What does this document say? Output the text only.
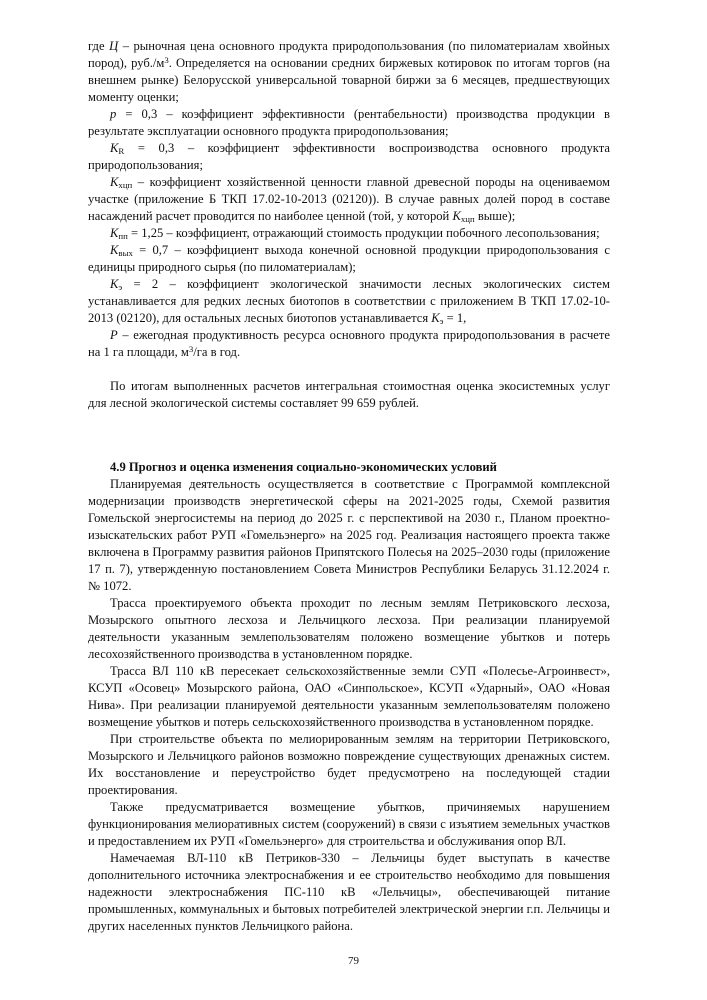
где Ц – рыночная цена основного продукта природопользования (по пиломатериалам хвойных пород), $руб./м^3$. Определяется на основании средних биржевых котировок по итогам торгов (на внешнем рынке) Белорусской универсальной товарной биржи за 6 месяцев, предшествующих моменту оценки;

р = 0,3 – коэффициент эффективности (рентабельности) производства продукции в результате эксплуатации основного продукта природопользования;

$K_R = 0,3$ – коэффициент эффективности воспроизводства основного продукта природопользования;

$K_{хцп}$ – коэффициент хозяйственной ценности главной древесной породы на оцениваемом участке (приложение Б ТКП 17.02-10-2013 (02120)). В случае равных долей пород в составе насаждений расчет проводится по наиболее ценной (той, у которой $K_{хцп}$ выше);

$K_{пп} = 1,25$ – коэффициент, отражающий стоимость продукции побочного лесопользования;

$K_{вых} = 0,7$ – коэффициент выхода конечной основной продукции природопользования с единицы природного сырья (по пиломатериалам);

$K_э = 2$ – коэффициент экологической значимости лесных экологических систем устанавливается для редких лесных биотопов в соответствии с приложением В ТКП 17.02-10-2013 (02120), для остальных лесных биотопов устанавливается $K_э = 1$,

P – ежегодная продуктивность ресурса основного продукта природопользования в расчете на 1 га площади, $м^3/га$ в год.

По итогам выполненных расчетов интегральная стоимостная оценка экосистемных услуг для лесной экологической системы составляет 99 659 рублей.

4.9 Прогноз и оценка изменения социально-экономических условий

Планируемая деятельность осуществляется в соответствие с Программой комплексной модернизации производств энергетической сферы на 2021-2025 годы, Схемой развития Гомельской энергосистемы на период до 2025 г. с перспективой на 2030 г., Планом проектно-изыскательских работ РУП «Гомельэнерго» на 2025 год. Реализация настоящего проекта также включена в Программу развития районов Припятского Полесья на 2025–2030 годы (приложение 17 п. 7), утвержденную постановлением Совета Министров Республики Беларусь 31.12.2024 г. № 1072.

Трасса проектируемого объекта проходит по лесным землям Петриковского лесхоза, Мозырского опытного лесхоза и Лельчицкого лесхоза. При реализации планируемой деятельности указанным землепользователям положено возмещение убытков и потерь лесохозяйственного производства в установленном порядке.

Трасса ВЛ 110 кВ пересекает сельскохозяйственные земли СУП «Полесье-Агроинвест», КСУП «Осовец» Мозырского района, ОАО «Синпольское», КСУП «Ударный», ОАО «Новая Нива». При реализации планируемой деятельности указанным землепользователям положено возмещение убытков и потерь сельскохозяйственного производства в установленном порядке.

При строительстве объекта по мелиорированным землям на территории Петриковского, Мозырского и Лельчицкого районов возможно повреждение существующих дренажных систем. Их восстановление и переустройство будет предусмотрено на последующей стадии проектирования.

Также предусматривается возмещение убытков, причиняемых нарушением функционирования мелиоративных систем (сооружений) в связи с изъятием земельных участков и предоставлением их РУП «Гомельэнерго» для строительства и обслуживания опор ВЛ.

Намечаемая ВЛ-110 кВ Петриков-330 – Лельчицы будет выступать в качестве дополнительного источника электроснабжения и ее строительство необходимо для повышения надежности электроснабжения ПС-110 кВ «Лельчицы», обеспечивающей питание промышленных, коммунальных и бытовых потребителей электрической энергии г.п. Лельчицы и других населенных пунктов Лельчицкого района.

79
